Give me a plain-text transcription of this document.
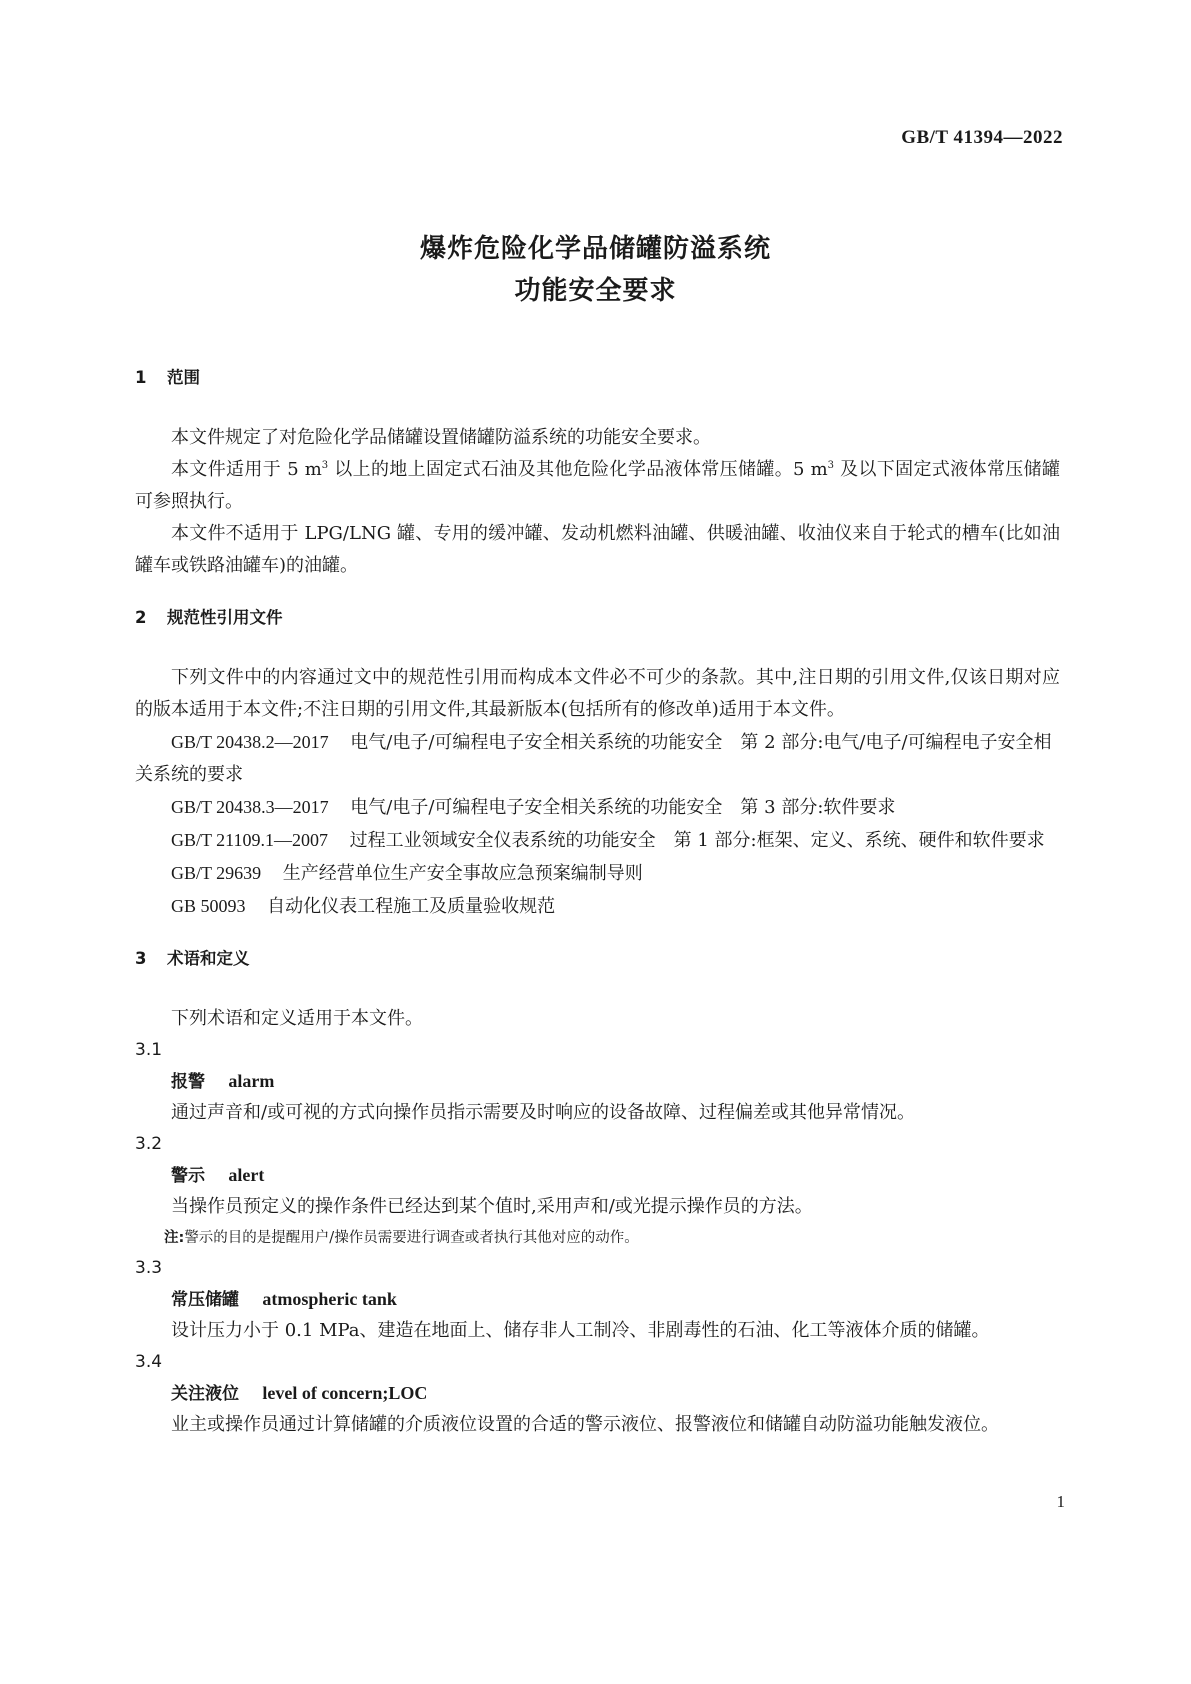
GB/T 41394—2022
爆炸危险化学品储罐防溢系统
功能安全要求
1 范围

本文件规定了对危险化学品储罐设置储罐防溢系统的功能安全要求。

本文件适用于 5 $m^3$ 以上的地上固定式石油及其他危险化学品液体常压储罐。5 $m^3$ 及以下固定式液体常压储罐可参照执行。

本文件不适用于 LPG/LNG 罐、专用的缓冲罐、发动机燃料油罐、供暖油罐、收油仪来自于轮式的槽车(比如油罐车或铁路油罐车)的油罐。

2 规范性引用文件

下列文件中的内容通过文中的规范性引用而构成本文件必不可少的条款。其中,注日期的引用文件,仅该日期对应的版本适用于本文件;不注日期的引用文件,其最新版本(包括所有的修改单)适用于本文件。

GB/T 20438.2—2017 电气/电子/可编程电子安全相关系统的功能安全 第 2 部分:电气/电子/可编程电子安全相关系统的要求

GB/T 20438.3—2017 电气/电子/可编程电子安全相关系统的功能安全 第 3 部分:软件要求

GB/T 21109.1—2007 过程工业领域安全仪表系统的功能安全 第 1 部分:框架、定义、系统、硬件和软件要求

GB/T 29639 生产经营单位生产安全事故应急预案编制导则

GB 50093 自动化仪表工程施工及质量验收规范

3 术语和定义

下列术语和定义适用于本文件。

3.1
报警 alarm

通过声音和/或可视的方式向操作员指示需要及时响应的设备故障、过程偏差或其他异常情况。

3.2
警示 alert

当操作员预定义的操作条件已经达到某个值时,采用声和/或光提示操作员的方法。

注:警示的目的是提醒用户/操作员需要进行调查或者执行其他对应的动作。
3.3
常压储罐 atmospheric tank

设计压力小于 0.1 MPa、建造在地面上、储存非人工制冷、非剧毒性的石油、化工等液体介质的储罐。

3.4
关注液位 level of concern;LOC

业主或操作员通过计算储罐的介质液位设置的合适的警示液位、报警液位和储罐自动防溢功能触发液位。

1
